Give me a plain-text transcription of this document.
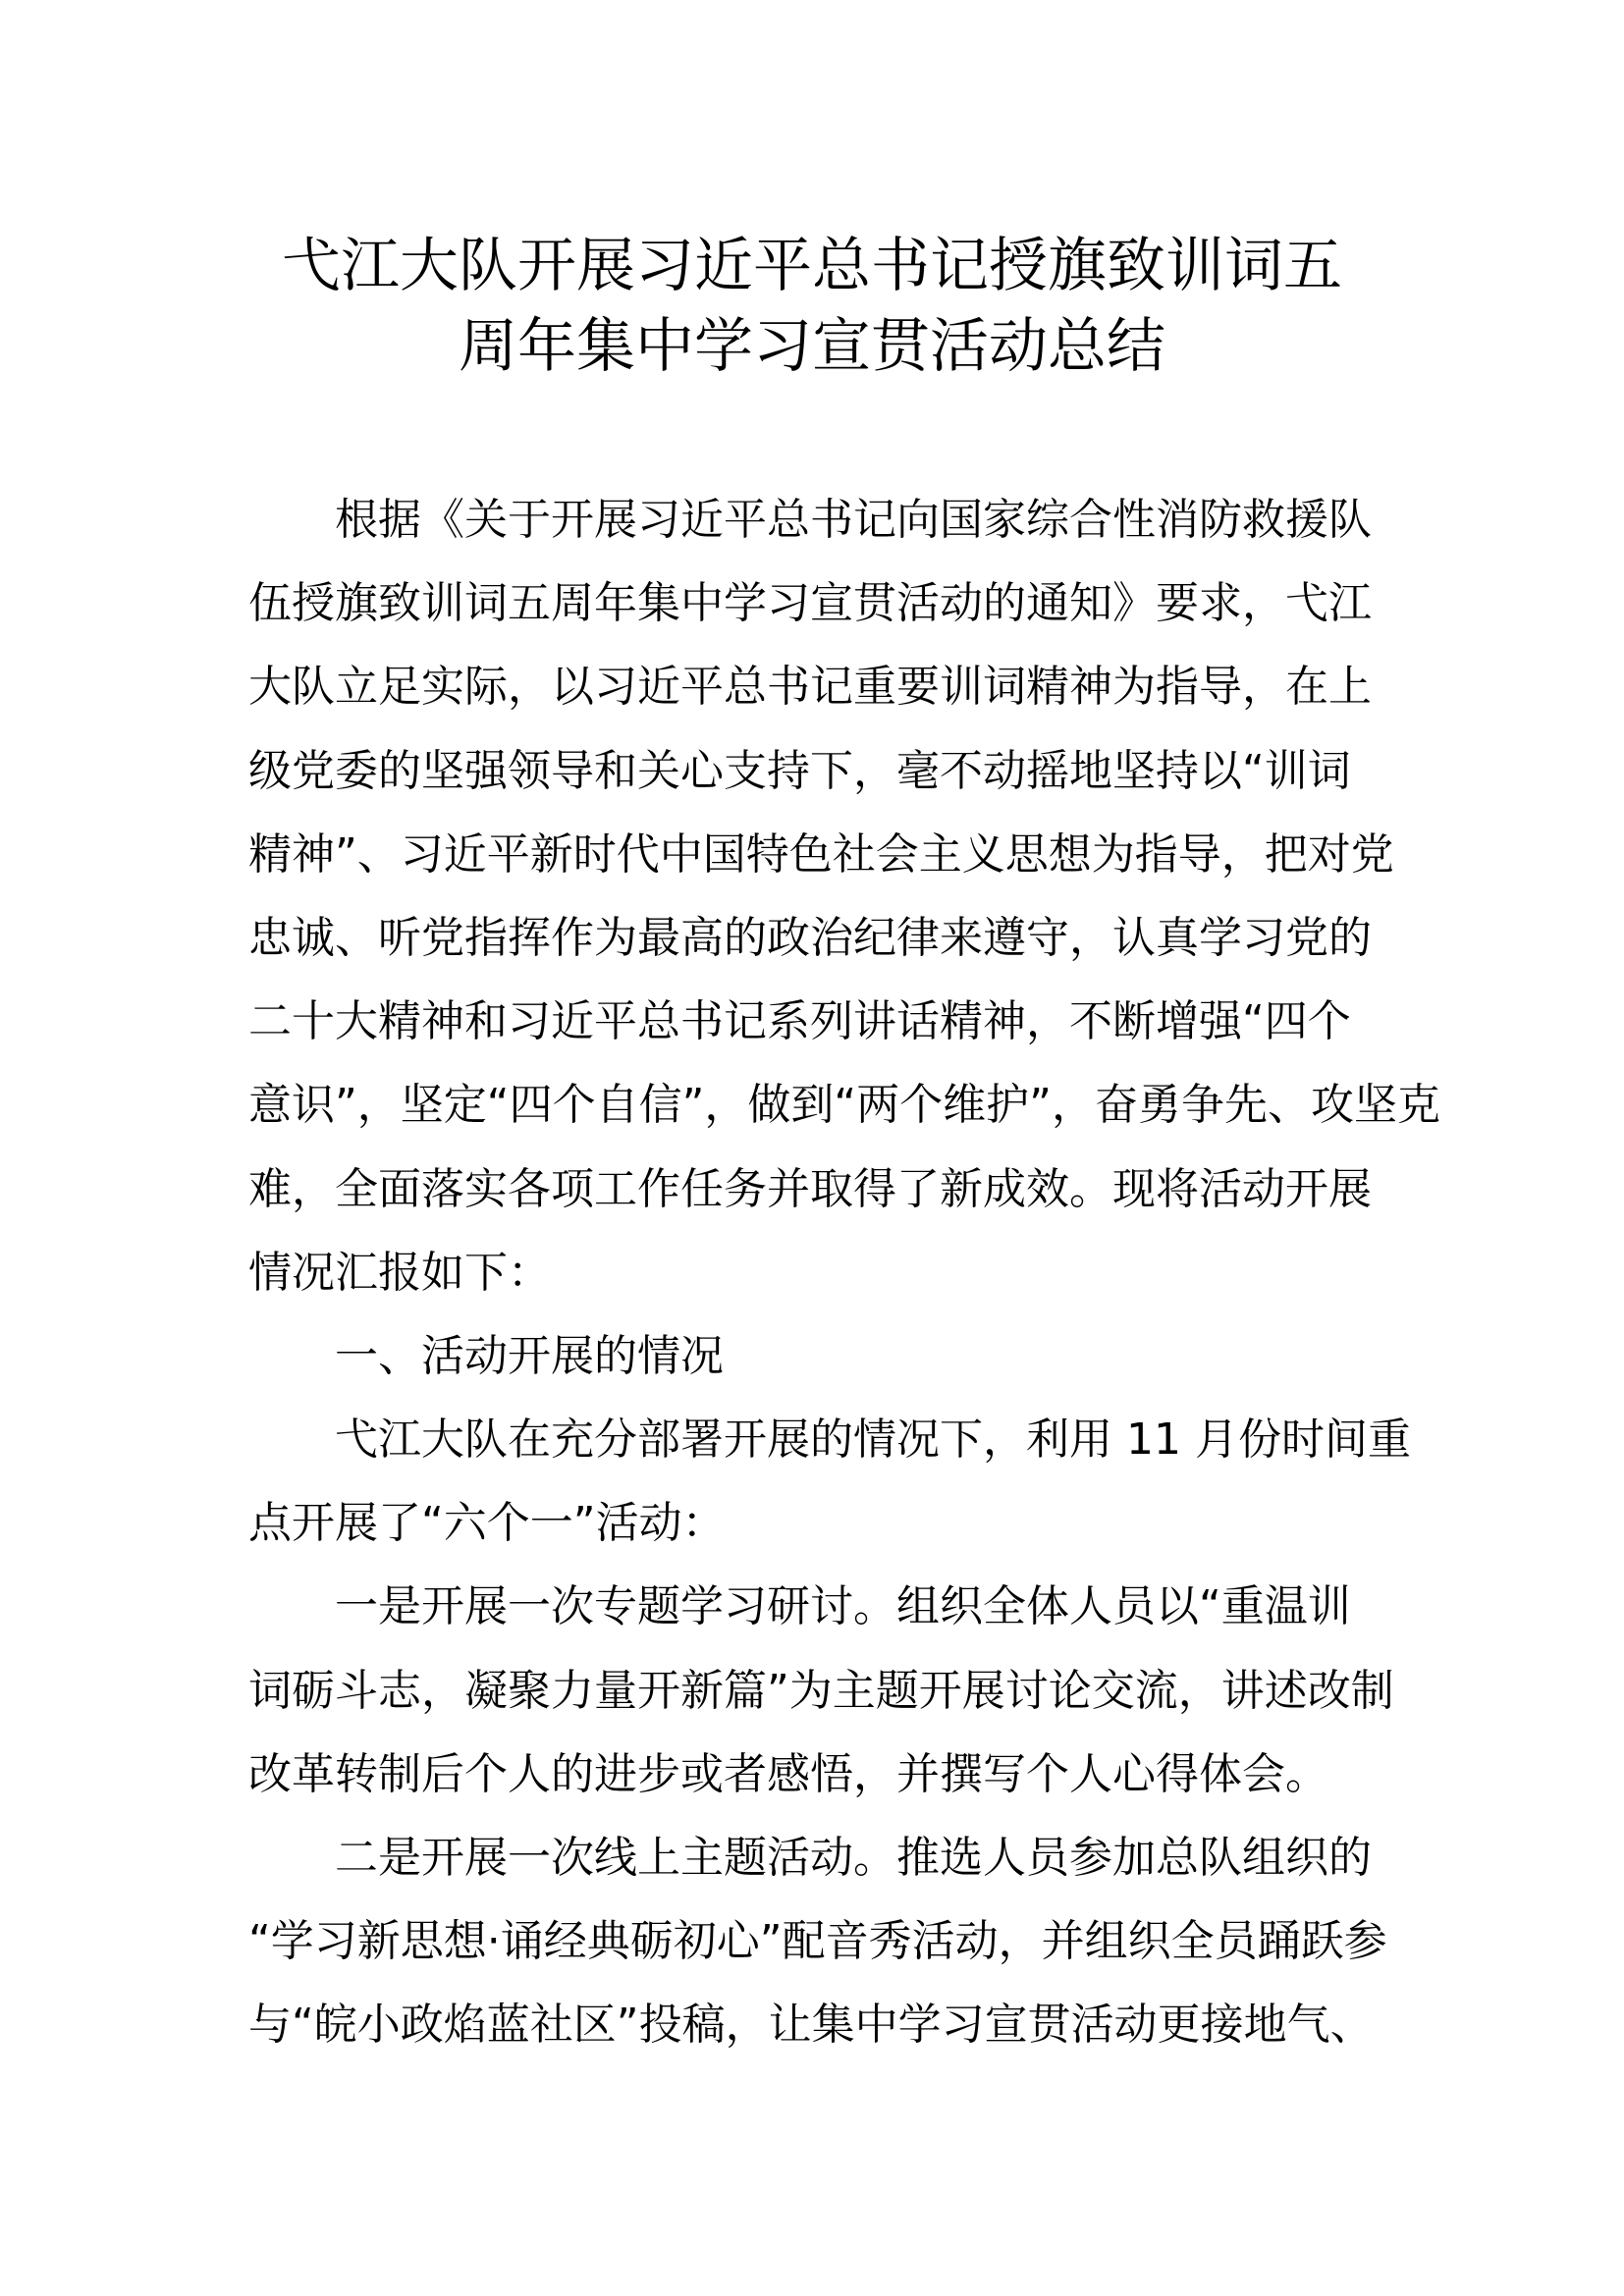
弋江大队开展习近平总书记授旗致训词五
周年集中学习宣贯活动总结
根据《关于开展习近平总书记向国家综合性消防救援队
伍授旗致训词五周年集中学习宣贯活动的通知》要求，弋江
大队立足实际，以习近平总书记重要训词精神为指导，在上
级党委的坚强领导和关心支持下，毫不动摇地坚持以“训词
精神”、习近平新时代中国特色社会主义思想为指导，把对党
忠诚、听党指挥作为最高的政治纪律来遵守，认真学习党的
二十大精神和习近平总书记系列讲话精神，不断增强“四个
意识”，坚定“四个自信”，做到“两个维护”，奋勇争先、攻坚克
难，全面落实各项工作任务并取得了新成效。现将活动开展
情况汇报如下：
一、活动开展的情况
弋江大队在充分部署开展的情况下，利用 11 月份时间重
点开展了“六个一”活动：
一是开展一次专题学习研讨。组织全体人员以“重温训
词砺斗志，凝聚力量开新篇”为主题开展讨论交流，讲述改制
改革转制后个人的进步或者感悟，并撰写个人心得体会。
二是开展一次线上主题活动。推选人员参加总队组织的
“学习新思想·诵经典砺初心”配音秀活动，并组织全员踊跃参
与“皖小政焰蓝社区”投稿，让集中学习宣贯活动更接地气、
